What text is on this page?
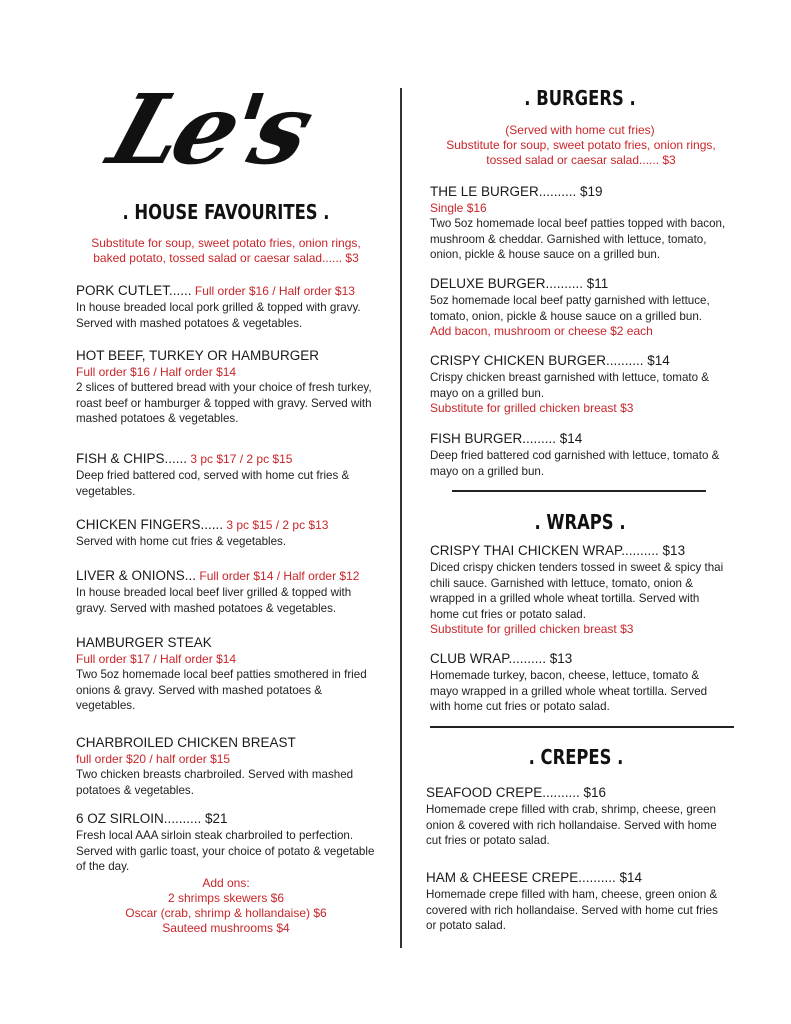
Le's
. HOUSE FAVOURITES .
Substitute for soup, sweet potato fries, onion rings, baked potato, tossed salad or caesar salad...... $3
PORK CUTLET...... Full order $16 / Half order $13
In house breaded local pork grilled & topped with gravy. Served with mashed potatoes & vegetables.
HOT BEEF, TURKEY OR HAMBURGER
Full order $16 / Half order $14
2 slices of buttered bread with your choice of fresh turkey, roast beef or hamburger & topped with gravy. Served with mashed potatoes & vegetables.
FISH & CHIPS...... 3 pc $17 / 2 pc $15
Deep fried battered cod, served with home cut fries & vegetables.
CHICKEN FINGERS...... 3 pc $15 / 2 pc $13
Served with home cut fries & vegetables.
LIVER & ONIONS... Full order $14 / Half order $12
In house breaded local beef liver grilled & topped with gravy. Served with mashed potatoes & vegetables.
HAMBURGER STEAK
Full order $17 / Half order $14
Two 5oz homemade local beef patties smothered in fried onions & gravy. Served with mashed potatoes & vegetables.
CHARBROILED CHICKEN BREAST
full order $20 / half order $15
Two chicken breasts charbroiled. Served with mashed potatoes & vegetables.
6 OZ SIRLOIN.......... $21
Fresh local AAA sirloin steak charbroiled to perfection. Served with garlic toast, your choice of potato & vegetable of the day.
Add ons:
2 shrimps skewers $6
Oscar (crab, shrimp & hollandaise) $6
Sauteed mushrooms $4
. BURGERS .
(Served with home cut fries)
Substitute for soup, sweet potato fries, onion rings, tossed salad or caesar salad...... $3
THE LE BURGER.......... $19
Single $16
Two 5oz homemade local beef patties topped with bacon, mushroom & cheddar. Garnished with lettuce, tomato, onion, pickle & house sauce on a grilled bun.
DELUXE BURGER.......... $11
5oz homemade local beef patty garnished with lettuce, tomato, onion, pickle & house sauce on a grilled bun.
Add bacon, mushroom or cheese $2 each
CRISPY CHICKEN BURGER.......... $14
Crispy chicken breast garnished with lettuce, tomato & mayo on a grilled bun.
Substitute for grilled chicken breast $3
FISH BURGER......... $14
Deep fried battered cod garnished with lettuce, tomato & mayo on a grilled bun.
. WRAPS .
CRISPY THAI CHICKEN WRAP.......... $13
Diced crispy chicken tenders tossed in sweet & spicy thai chili sauce. Garnished with lettuce, tomato, onion & wrapped in a grilled whole wheat tortilla. Served with home cut fries or potato salad.
Substitute for grilled chicken breast $3
CLUB WRAP.......... $13
Homemade turkey, bacon, cheese, lettuce, tomato & mayo wrapped in a grilled whole wheat tortilla. Served with home cut fries or potato salad.
. CREPES .
SEAFOOD CREPE.......... $16
Homemade crepe filled with crab, shrimp, cheese, green onion & covered with rich hollandaise. Served with home cut fries or potato salad.
HAM & CHEESE CREPE.......... $14
Homemade crepe filled with ham, cheese, green onion & covered with rich hollandaise. Served with home cut fries or potato salad.
